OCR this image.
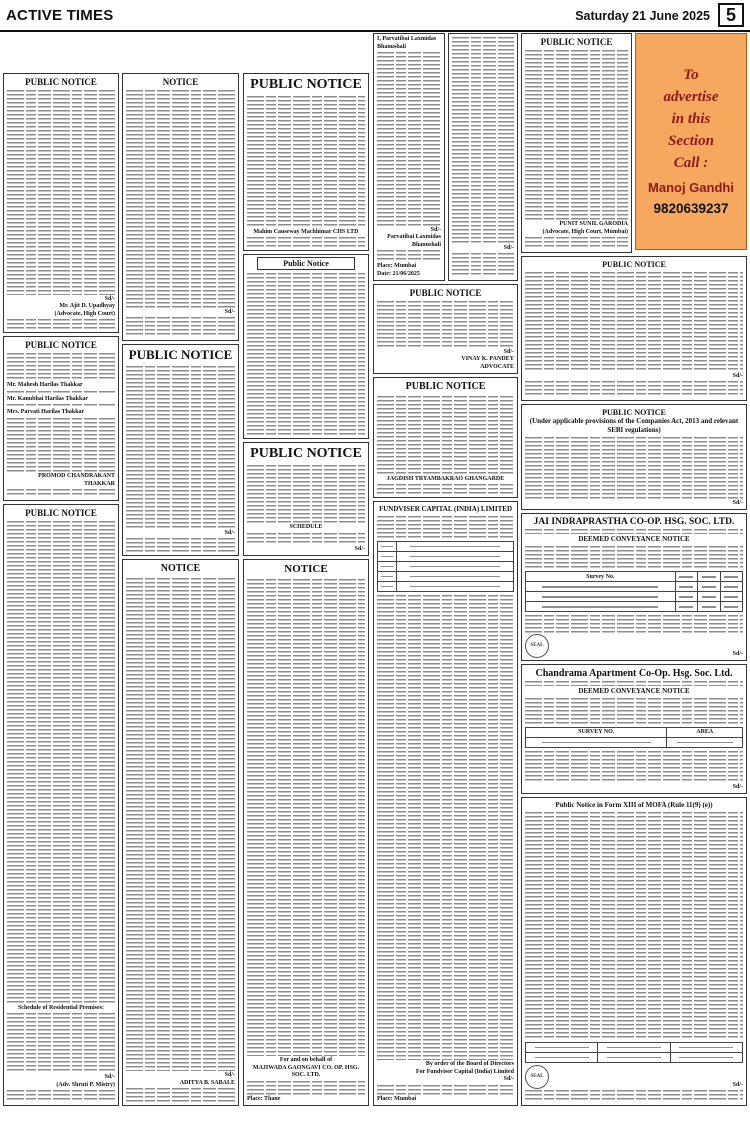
ACTIVE TIMES	Saturday 21 June 2025 5
PUBLIC NOTICE
Sd/-
Mr. Ajit D. Upadhyay
(Advocate, High Court)
PUBLIC NOTICE
Mr. Mahesh Harilas Thakkar
Mr. Kanubhai Harilas Thakkar
Mrs. Parvati Harilas Thakkar
PROMOD CHANDRAKANT THAKKAR
PUBLIC NOTICE
Schedule of Residential Premises:
Sd/-
(Adv. Shruti P. Mistry)
NOTICE
Sd/-
PUBLIC NOTICE
Sd/-
NOTICE
Sd/-
ADITYA B. SABALE
PUBLIC NOTICE
Mahim Causeway Machhimar CHS LTD
Public Notice
PUBLIC NOTICE
SCHEDULE
Sd/-
NOTICE
For and on behalf of
MAJIWADA GAONGAVI CO. OP. HSG. SOC. LTD.
Place: Thane
I, Parvatibai Laxmidas Bhanushali
Sd/-
Parvatibai Laxmidas Bhanushali
Place: Mumbai
Date: 21/06/2025
Sd/-
PUBLIC NOTICE
Sd/-
VINAY K. PANDEY
ADVOCATE
PUBLIC NOTICE
JAGDISH TRYAMBAKRAO GHANGARDE
FUNDVISER CAPITAL (INDIA) LIMITED

By order of the Board of Directors
For Fundviser Capital (India) Limited
Sd/-
Place: Mumbai
PUBLIC NOTICE
PUNIT SUNIL GARODIA
(Advocate, High Court, Mumbai)
To
advertise
in this
Section
Call :
Manoj Gandhi
9820639237
PUBLIC NOTICE
Sd/-
PUBLIC NOTICE
(Under applicable provisions of the Companies Act, 2013 and relevant SEBI regulations)
Sd/-
JAI INDRAPRASTHA CO-OP. HSG. SOC. LTD.
DEEMED CONVEYANCE NOTICE
Survey No.	

SEAL
Sd/-
Chandrama Apartment Co-Op. Hsg. Soc. Ltd.
DEEMED CONVEYANCE NOTICE
SURVEY NO.	AREA

Sd/-
Public Notice in Form XIII of MOFA (Rule 11(9) (e))

SEAL
Sd/-
